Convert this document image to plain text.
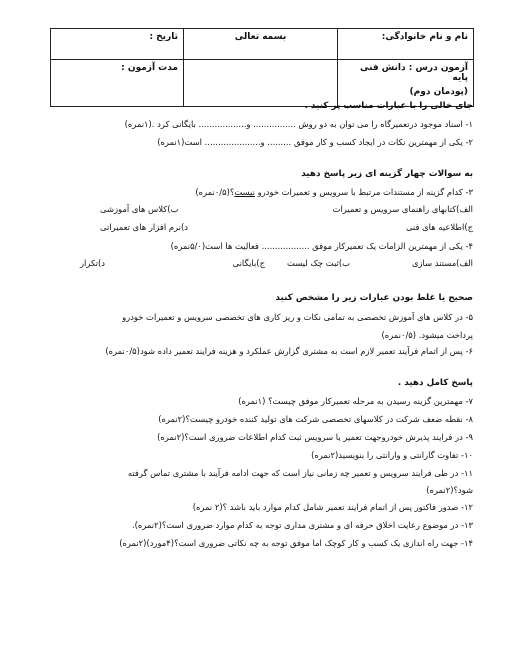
نام و نام خانوادگی:	بسمه تعالی	تاریخ :
آزمون درس : دانش فنی پایه
(پودمان دوم)		مدت آزمون :
جای خالی را با عبارات مناسب پر کنید .
۱- اسناد موجود درتعمیرگاه را می توان به دو روش ................ و.................. بایگانی کرد .(۱نمره)
۲- یکی از مهمترین نکات در ایجاد کسب و کار موفق ......... و..................... است(۱نمره)
به سوالات چهار گزینه ای زیر پاسخ دهید
۳- کدام گزینه از مستندات مرتبط با سرویس و تعمیرات خودرو نیست؟(۰/۵نمره)
الف)کتابهای راهنمای سرویس و تعمیرات
ب)کلاس های آموزشی
ج)اطلاعیه های فنی
د)نرم افزار های تعمیراتی
۴- یکی از مهمترین الزامات یک تعمیرکار موفق .................. فعالیت ها است(۵/۰نمره)
الف)مستند سازی
ب)ثبت چک لیست
ج)بایگانی
د)تکرار
صحیح یا غلط بودن عبارات زیر را مشخص کنید
۵- در کلاس های آموزش تخصصی به تمامی نکات و ریز کاری های تخصصی سرویس و تعمیرات خودرو
پرداخت میشود. (۰/۵نمره)
۶- پس از اتمام فرآیند تعمیر لازم است به مشتری گزارش عملکرد و هزینه فرایند تعمیر داده شود(۰/۵نمره)
پاسخ کامل دهید .
۷- مهمترین گزینه رسیدن به مرحله تعمیرکار موفق چیست؟ (۱نمره)
۸- نقطه ضعف شرکت در کلاسهای تخصصی شرکت های تولید کننده خودرو چیست؟(۲نمره)
۹- در فرایند پذیرش خودروجهت تعمیر یا سرویس ثبت کدام اطلاعات ضروری است؟(۲نمره)
۱۰- تفاوت گارانتی و وارانتی را بنویسید(۲نمره)
۱۱- در طی فرایند سرویس و تعمیر چه زمانی نیاز است که جهت ادامه فرآیند با مشتری تماس گرفته
شود؟(۲نمره)
۱۲- صدور فاکتور پس از اتمام فرایند تعمیر شامل کدام موارد باید باشد ؟(۲ نمره)
۱۳- در موضوع رعایت اخلاق حرفه ای و مشتری مداری توجه به کدام موارد ضروری است؟(۲نمره).
۱۴- جهت راه اندازی یک کسب و کار کوچک اما موفق توجه به چه نکاتی ضروری است؟(۴مورد)(۲نمره)
